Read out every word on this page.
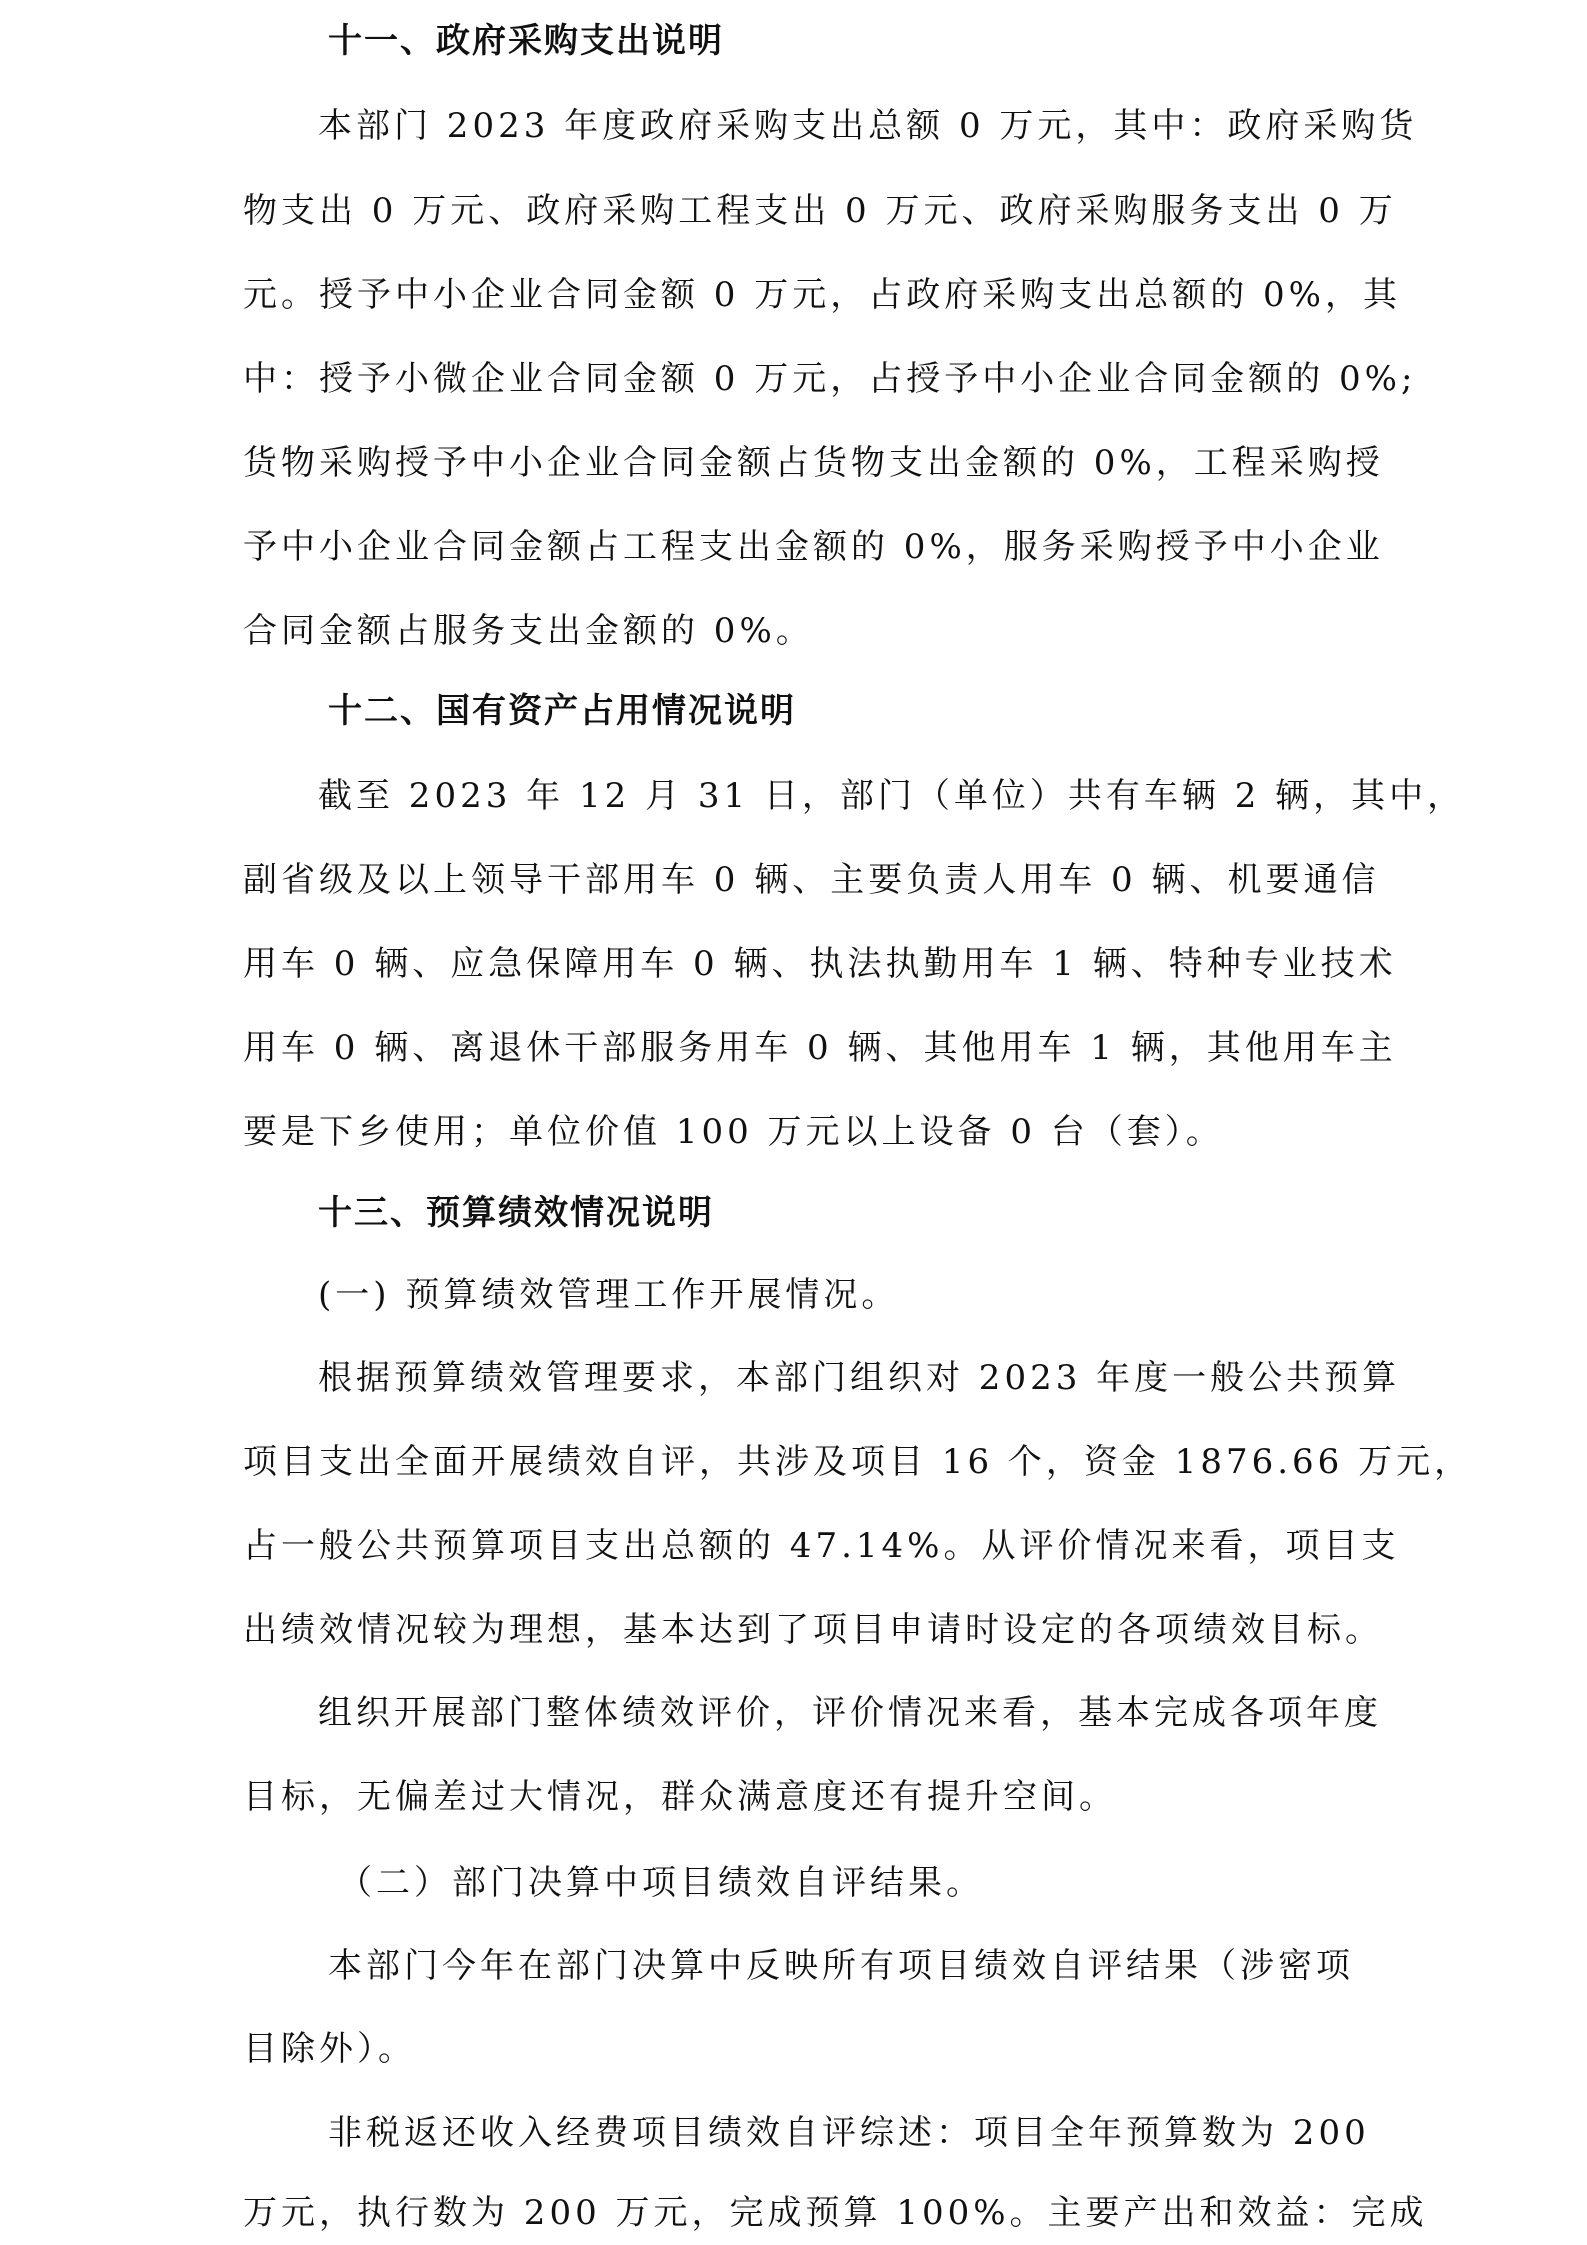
十一、政府采购支出说明
本部门 2023 年度政府采购支出总额 0 万元，其中：政府采购货
物支出 0 万元、政府采购工程支出 0 万元、政府采购服务支出 0 万
元。授予中小企业合同金额 0 万元，占政府采购支出总额的 0%，其
中：授予小微企业合同金额 0 万元，占授予中小企业合同金额的 0%;
货物采购授予中小企业合同金额占货物支出金额的 0%，工程采购授
予中小企业合同金额占工程支出金额的 0%，服务采购授予中小企业
合同金额占服务支出金额的 0%。
十二、国有资产占用情况说明
截至 2023 年 12 月 31 日，部门（单位）共有车辆 2 辆，其中，
副省级及以上领导干部用车 0 辆、主要负责人用车 0 辆、机要通信
用车 0 辆、应急保障用车 0 辆、执法执勤用车 1 辆、特种专业技术
用车 0 辆、离退休干部服务用车 0 辆、其他用车 1 辆，其他用车主
要是下乡使用；单位价值 100 万元以上设备 0 台（套）。
十三、预算绩效情况说明
(一) 预算绩效管理工作开展情况。
根据预算绩效管理要求，本部门组织对 2023 年度一般公共预算
项目支出全面开展绩效自评，共涉及项目 16 个，资金 1876.66 万元，
占一般公共预算项目支出总额的 47.14%。从评价情况来看，项目支
出绩效情况较为理想，基本达到了项目申请时设定的各项绩效目标。
组织开展部门整体绩效评价，评价情况来看，基本完成各项年度
目标，无偏差过大情况，群众满意度还有提升空间。
（二）部门决算中项目绩效自评结果。
本部门今年在部门决算中反映所有项目绩效自评结果（涉密项
目除外）。
非税返还收入经费项目绩效自评综述：项目全年预算数为 200
万元，执行数为 200 万元，完成预算 100%。主要产出和效益：完成
